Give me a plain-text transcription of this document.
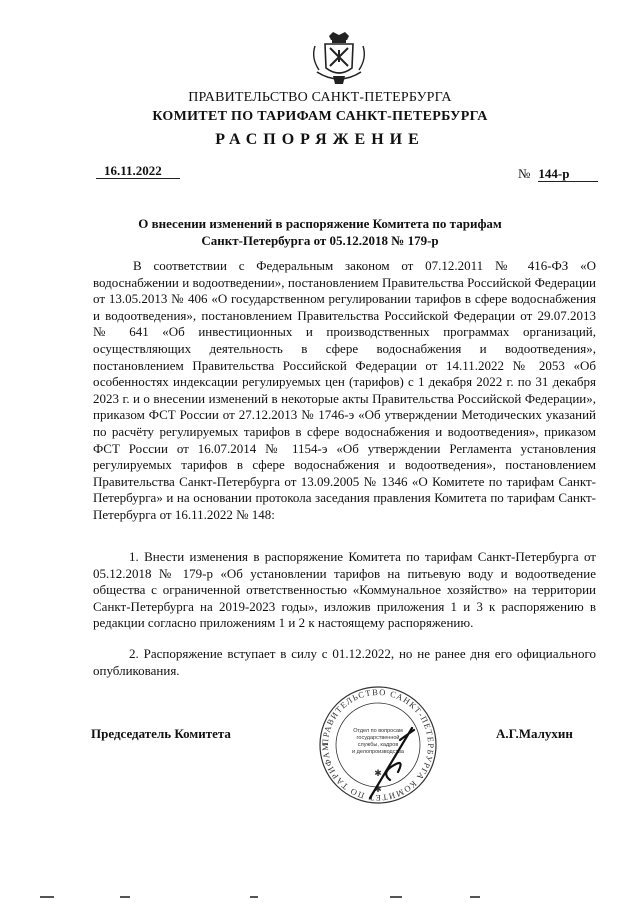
ПРАВИТЕЛЬСТВО САНКТ-ПЕТЕРБУРГА
КОМИТЕТ ПО ТАРИФАМ САНКТ-ПЕТЕРБУРГА
РАСПОРЯЖЕНИЕ
16.11.2022	№ 144-р
О внесении изменений в распоряжение Комитета по тарифам
Санкт-Петербурга от 05.12.2018 № 179-р
В соответствии с Федеральным законом от 07.12.2011 № 416-ФЗ «О водоснабжении и водоотведении», постановлением Правительства Российской Федерации от 13.05.2013 № 406 «О государственном регулировании тарифов в сфере водоснабжения и водоотведения», постановлением Правительства Российской Федерации от 29.07.2013 № 641 «Об инвестиционных и производственных программах организаций, осуществляющих деятельность в сфере водоснабжения и водоотведения», постановлением Правительства Российской Федерации от 14.11.2022 № 2053 «Об особенностях индексации регулируемых цен (тарифов) с 1 декабря 2022 г. по 31 декабря 2023 г. и о внесении изменений в некоторые акты Правительства Российской Федерации», приказом ФСТ России от 27.12.2013 № 1746-э «Об утверждении Методических указаний по расчёту регулируемых тарифов в сфере водоснабжения и водоотведения», приказом ФСТ России от 16.07.2014 № 1154-э «Об утверждении Регламента установления регулируемых тарифов в сфере водоснабжения и водоотведения», постановлением Правительства Санкт-Петербурга от 13.09.2005 № 1346 «О Комитете по тарифам Санкт-Петербурга» и на основании протокола заседания правления Комитета по тарифам Санкт-Петербурга от 16.11.2022 № 148:
1. Внести изменения в распоряжение Комитета по тарифам Санкт-Петербурга от 05.12.2018 № 179-р «Об установлении тарифов на питьевую воду и водоотведение общества с ограниченной ответственностью «Коммунальное хозяйство» на территории Санкт-Петербурга на 2019-2023 годы», изложив приложения 1 и 3 к распоряжению в редакции согласно приложениям 1 и 2 к настоящему распоряжению.
2. Распоряжение вступает в силу с 01.12.2022, но не ранее дня его официального опубликования.
Председатель Комитета	А.Г.Малухин
ПРАВИТЕЛЬСТВО САНКТ-ПЕТЕРБУРГА КОМИТЕТ ПО ТАРИФАМ
Отдел по вопросам
государственной
службы, кадров
и делопроизводства
✱
✱
